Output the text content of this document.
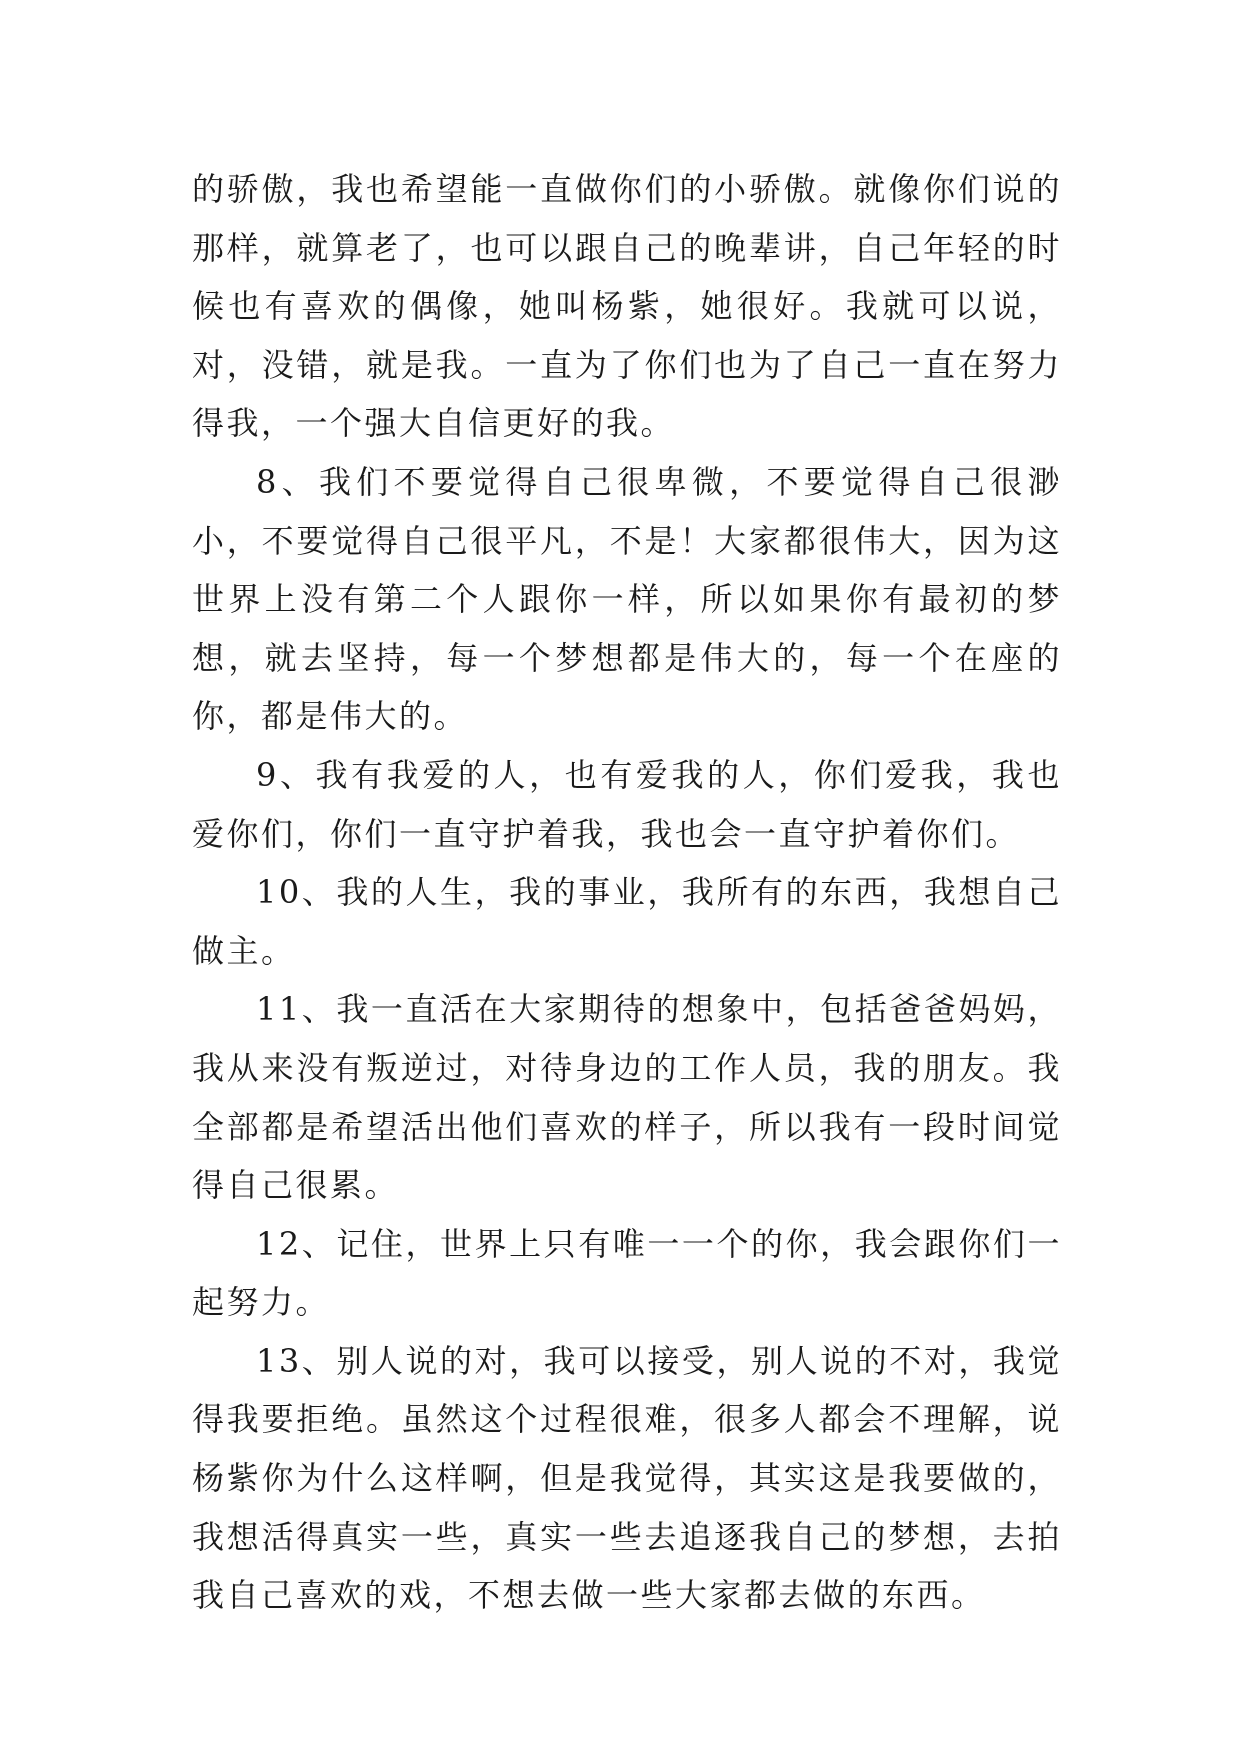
的骄傲，我也希望能一直做你们的小骄傲。就像你们说的那样，就算老了，也可以跟自己的晚辈讲，自己年轻的时候也有喜欢的偶像，她叫杨紫，她很好。我就可以说，对，没错，就是我。一直为了你们也为了自己一直在努力得我，一个强大自信更好的我。

8、我们不要觉得自己很卑微，不要觉得自己很渺小，不要觉得自己很平凡，不是！大家都很伟大，因为这世界上没有第二个人跟你一样，所以如果你有最初的梦想，就去坚持，每一个梦想都是伟大的，每一个在座的你，都是伟大的。

9、我有我爱的人，也有爱我的人，你们爱我，我也爱你们，你们一直守护着我，我也会一直守护着你们。

10、我的人生，我的事业，我所有的东西，我想自己做主。

11、我一直活在大家期待的想象中，包括爸爸妈妈，我从来没有叛逆过，对待身边的工作人员，我的朋友。我全部都是希望活出他们喜欢的样子，所以我有一段时间觉得自己很累。

12、记住，世界上只有唯一一个的你，我会跟你们一起努力。

13、别人说的对，我可以接受，别人说的不对，我觉得我要拒绝。虽然这个过程很难，很多人都会不理解，说杨紫你为什么这样啊，但是我觉得，其实这是我要做的，我想活得真实一些，真实一些去追逐我自己的梦想，去拍我自己喜欢的戏，不想去做一些大家都去做的东西。
